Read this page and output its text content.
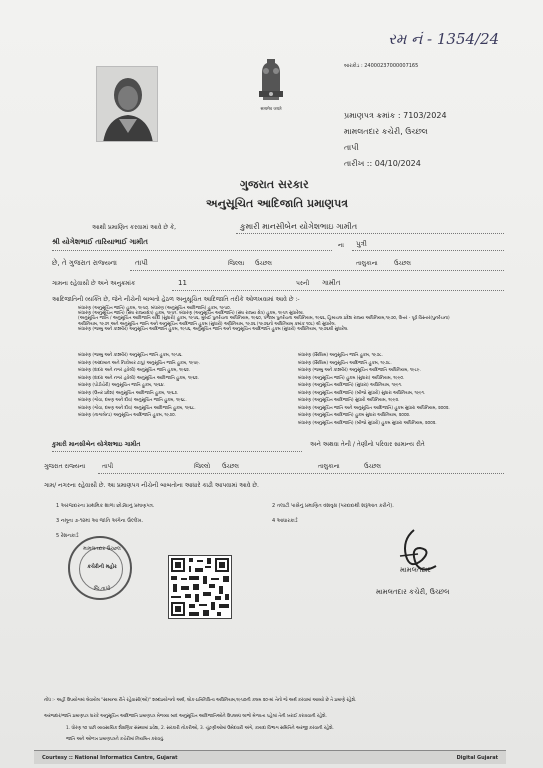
રમ નં - 1354/24
सत्यमेव जयते
બારકોડ : 24000237000007165
પ્રમાણપત્ર ક્રમાંક : 7103/2024
મામલતદાર કચેરી, ઉચ્છલ
તાપી
તારીખ :: 04/10/2024
ગુજરાત સરકાર
અનુસૂચિત આદિજાતિ પ્રમાણપત્ર
આથી પ્રમાણિત કરવામાં આવે છે કે,	કુમારી માનસીબેન યોગેશભાઇ ગામીત
શ્રી યોગેશભાઈ તારિયાભાઈ ગામીત	ના પુત્રી
છે, તે ગુજરાત રાજ્યના	તાપી	જિલ્લા ઉચ્છલ	તાલુકાના	ઉચ્છલ
ગામના રહેવાસી છે અને અનુક્રમાંક	11	પરની ગામીત
આદિજાતિની વ્યક્તિ છે, જેને નીચેની બાબતો હેઠળ અનુસૂચિત આદિજાતિ તરીકે ઓળખવામાં આવે છે :-
બંધારણ (અનુસૂચિત જાતિ) હુકમ, ૧૯૫૦. બંધારણ (અનુસૂચિત આદિજાતિ) હુકમ, ૧૯૫૦.
બંધારણ (અનુસૂચિત જાતિ) (સંઘ રાજ્યક્ષેત્ર) હુકમ, ૧૯૫૧. બંધારણ (અનુસૂચિત આદિજાતિ) (સંઘ રાજ્ય ક્ષેત્ર) હુકમ, ૧૯૫૧ સુધારેલા.
(અનુસૂચિત જાતિ / અનુસૂચિત આદિજાતિ યાદી (સુધારો) હુકમ, ૧૯૫૬, મુંબઈ પુનર્રચના અધિનિયમ, ૧૯૬૦, પંજાબ પુનર્રચના અધિનિયમ, ૧૯૬૬, હિમાચલ પ્રદેશ રાજ્ય અધિનિયમ,૧૯૭૦, ઉત્તર - પૂર્વ વિસ્તાર(પુનર્રચના)
અધિનિયમ, ૧૯૭૧ અને અનુસૂચિત જાતિ અને અનુસૂચિત આદિજાતિ હુકમ (સુધારો) અધિનિયમ, ૧૯૭૬ (૧૯૭૬નો અધિનિયમ ક્રમાંક ૧૦૮) થી સુધારેલ.
બંધારણ (જમ્મુ અને કાશ્મીર) અનુસૂચિત આદિજાતિ હુકમ, ૧૯૫૬, અનુસૂચિત જાતિ અને અનુસૂચિત આદિજાતિ હુકમ (સુધારો) અધિનિયમ, ૧૯૭૬થી સુધારેલ.
બંધારણ (જમ્મુ અને કાશ્મીર) અનુસૂચિત જાતિ હુકમ, ૧૯૫૬.
બંધારણ (આંદામાન અને નિકોબાર ટાપુ) અનુસૂચિત જાતિ હુકમ, ૧૯૫૯.
બંધારણ (દાદરા અને નગર હવેલી) અનુસૂચિત જાતિ હુકમ, ૧૯૬૨.
બંધારણ (દાદરા અને નગર હવેલી) અનુસૂચિત આદિજાતિ હુકમ, ૧૯૬૨.
બંધારણ (પોંડીચેરી) અનુસૂચિત જાતિ હુકમ, ૧૯૬૪.
બંધારણ (ઉત્તર પ્રદેશ) અનુસૂચિત આદિજાતિ હુકમ, ૧૯૬૭.
બંધારણ (ગોવા, દમણ અને દીવ) અનુસૂચિત જાતિ હુકમ, ૧૯૬૮.
બંધારણ (ગોવા, દમણ અને દીવ) અનુસૂચિત આદિજાતિ હુકમ, ૧૯૬૮.
બંધારણ (નાગાલેન્ડ) અનુસૂચિત આદિજાતિ હુકમ, ૧૯૭૦.
બંધારણ (સિક્કિમ) અનુસૂચિત જાતિ હુકમ, ૧૯૭૮.
બંધારણ (સિક્કિમ) અનુસૂચિત આદિજાતિ હુકમ, ૧૯૭૮.
બંધારણ (જમ્મુ અને કાશ્મીર) અનુસૂચિત આદિજાતિ અધિનિયમ, ૧૯૮૯.
બંધારણ (અનુસૂચિત જાતિ) હુકમ (સુધારા) અધિનિયમ, ૧૯૯૦.
બંધારણ (અનુસૂચિત આદિજાતિ) (સુધારા) અધિનિયમ, ૧૯૯૧.
બંધારણ (અનુસૂચિત આદિજાતિ) (બીજો સુધારો) સુધારા અધિનિયમ, ૧૯૯૧.
બંધારણ (અનુસૂચિત આદિજાતિ) સુધારો અધિનિયમ, ૧૯૯૨.
બંધારણ (અનુસૂચિત જાતિ અને અનુસૂચિત આદિજાતિ) હુકમ સુધારા અધિનિયમ, ૨૦૦૨.
બંધારણ (અનુસૂચિત આદિજાતિ) હુકમ સુધારા અધિનિયમ, ૨૦૦૨.
બંધારણ (અનુસૂચિત આદિજાતિ) (બીજો સુધારો) હુકમ સુધારા અધિનિયમ, ૨૦૦૨.
કુમારી માનસીબેન યોગેશભાઇ ગામીત	અને અથવા તેની / તેણીનો પરિવાર સામાન્ય રીતે
ગુજરાત રાજ્યના	તાપી	જિલ્લો ઉચ્છલ	તાલુકાના	ઉચ્છલ
ગામ/ નગરના રહેવાસી છે. આ પ્રમાણપત્ર નીચેની બાબતોના આધારે કાઢી આપવામાં આવે છે.
1 અરજદારના પ્રાથમિક શાળા છોડ્યાનું પ્રમાણપત્ર.	2 તલાટી પાસેનું પ્રમાણિત વંશવૃક્ષ (પરદાદાથી શરૂઆત કરીને).
3 નમૂના ૭-૧૨માં આ જાતિ અંગેના ઉલ્લેખ.	4 આધારકાર્ડ
5 રેશનકાર્ડ
મામલતદાર ઉચ્છલ
કચેરીની મહોર
જિ.તાપી
મામલતદાર
મામલતદાર કચેરી, ઉચ્છલ
નોંધ :- અહીં ઉપયોગમાં લેવાયેલ "સામાન્ય રીતે રહેવાસી(ઓ)" શબ્દપ્રયોગનો અર્થ, લોક-પ્રતિનિધિત્વ અધિનિયમ,૧૯૫૦ની કલમ ૨૦-માં તેનો જે અર્થ કરવામાં આવ્યો છે તે પ્રમાણે રહેશે.
અરજદાર/જાતિ પ્રમાણપત્ર ધારકે અનુસૂચિત આદિજાતિ પ્રમાણપત્ર મેળવ્યા બાદ અનુસૂચિત આદિજાતિઓને ઉપલબ્ધ લાભો મેળવતા પહેલાં તેની ખરાઈ કરાવવાની રહેશે.
1. ધોરણ ૧૦ પછી વ્યવસાયિક શૈક્ષણિક સંસ્થામાં પ્રવેશ, 2. સરકારી નોકરીઓ, 3. ચૂંટણીઓમાં ઉમેદવારી અંગે, કાયદા વિભાગ સમિતિને અરજી કરવાની રહેશે.
જાતિ અને ઓળખ પ્રમાણપત્રને કચેરીમાં નિયમિત કરાવવું.
Courtesy :: National Informatics Centre, Gujarat	Digital Gujarat
